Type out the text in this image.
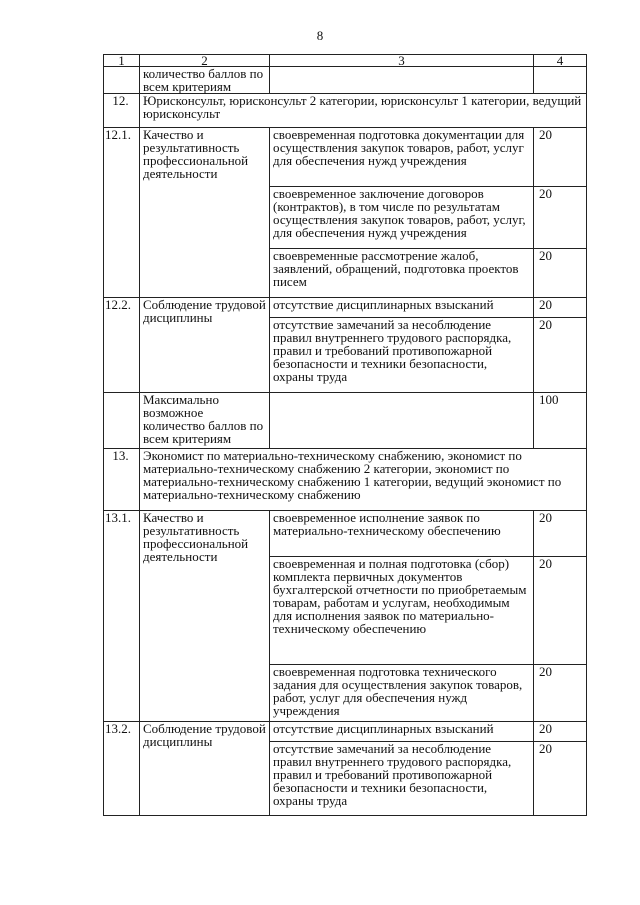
8
1	2	3	4
	количество баллов по всем критериям		
12.	Юрисконсульт, юрисконсульт 2 категории, юрисконсульт 1 категории, ведущий юрисконсульт		
12.1.	Качество и результативность профессиональной деятельности	своевременная подготовка документации для осуществления закупок товаров, работ, услуг для обеспечения нужд учреждения	20
		своевременное заключение договоров (контрактов), в том числе по результатам осуществления закупок товаров, работ, услуг, для обеспечения нужд учреждения	20
		своевременные рассмотрение жалоб, заявлений, обращений, подготовка проектов писем	20
12.2.	Соблюдение трудовой дисциплины	отсутствие дисциплинарных взысканий	20
		отсутствие замечаний за несоблюдение правил внутреннего трудового распорядка, правил и требований противопожарной безопасности и техники безопасности, охраны труда	20
	Максимально возможное количество баллов по всем критериям		100
13.	Экономист по материально-техническому снабжению, экономист по материально-техническому снабжению 2 категории, экономист по материально-техническому снабжению 1 категории, ведущий экономист по материально-техническому снабжению		
13.1.	Качество и результативность профессиональной деятельности	своевременное исполнение заявок по материально-техническому обеспечению	20
		своевременная и полная подготовка (сбор) комплекта первичных документов бухгалтерской отчетности по приобретаемым товарам, работам и услугам, необходимым для исполнения заявок по материально-техническому обеспечению	20
		своевременная подготовка технического задания для осуществления закупок товаров, работ, услуг для обеспечения нужд учреждения	20
13.2.	Соблюдение трудовой дисциплины	отсутствие дисциплинарных взысканий	20
		отсутствие замечаний за несоблюдение правил внутреннего трудового распорядка, правил и требований противопожарной безопасности и техники безопасности, охраны труда	20
